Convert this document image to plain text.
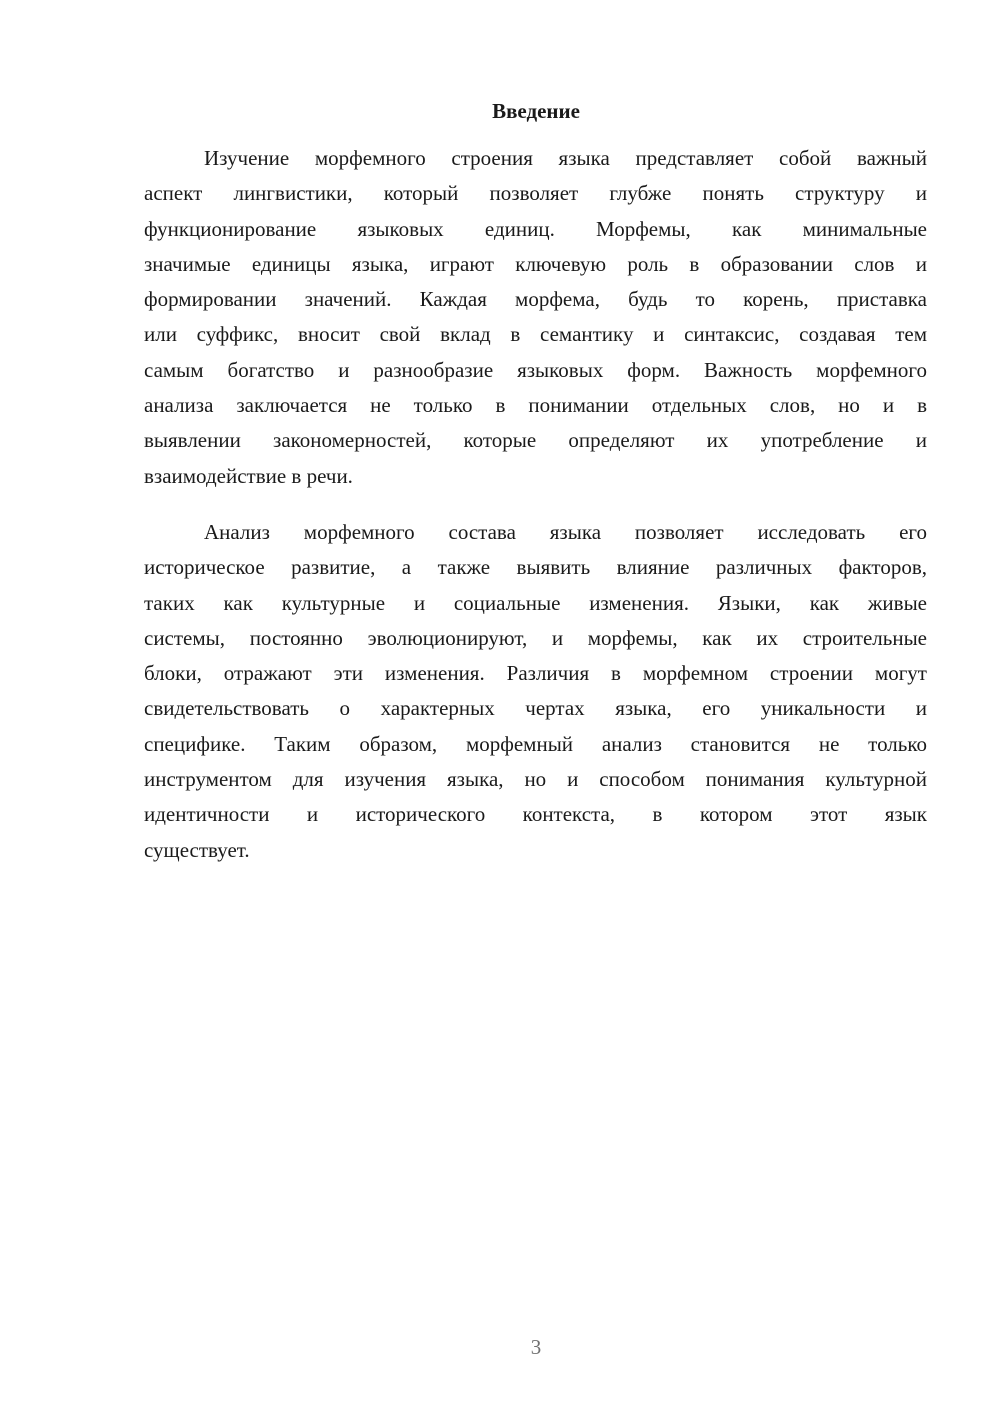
Введение

Изучение морфемного строения языка представляет собой важный
аспект лингвистики, который позволяет глубже понять структуру и
функционирование языковых единиц. Морфемы, как минимальные
значимые единицы языка, играют ключевую роль в образовании слов и
формировании значений. Каждая морфема, будь то корень, приставка
или суффикс, вносит свой вклад в семантику и синтаксис, создавая тем
самым богатство и разнообразие языковых форм. Важность морфемного
анализа заключается не только в понимании отдельных слов, но и в
выявлении закономерностей, которые определяют их употребление и
взаимодействие в речи.

Анализ морфемного состава языка позволяет исследовать его
историческое развитие, а также выявить влияние различных факторов,
таких как культурные и социальные изменения. Языки, как живые
системы, постоянно эволюционируют, и морфемы, как их строительные
блоки, отражают эти изменения. Различия в морфемном строении могут
свидетельствовать о характерных чертах языка, его уникальности и
специфике. Таким образом, морфемный анализ становится не только
инструментом для изучения языка, но и способом понимания культурной
идентичности и исторического контекста, в котором этот язык
существует.

3
